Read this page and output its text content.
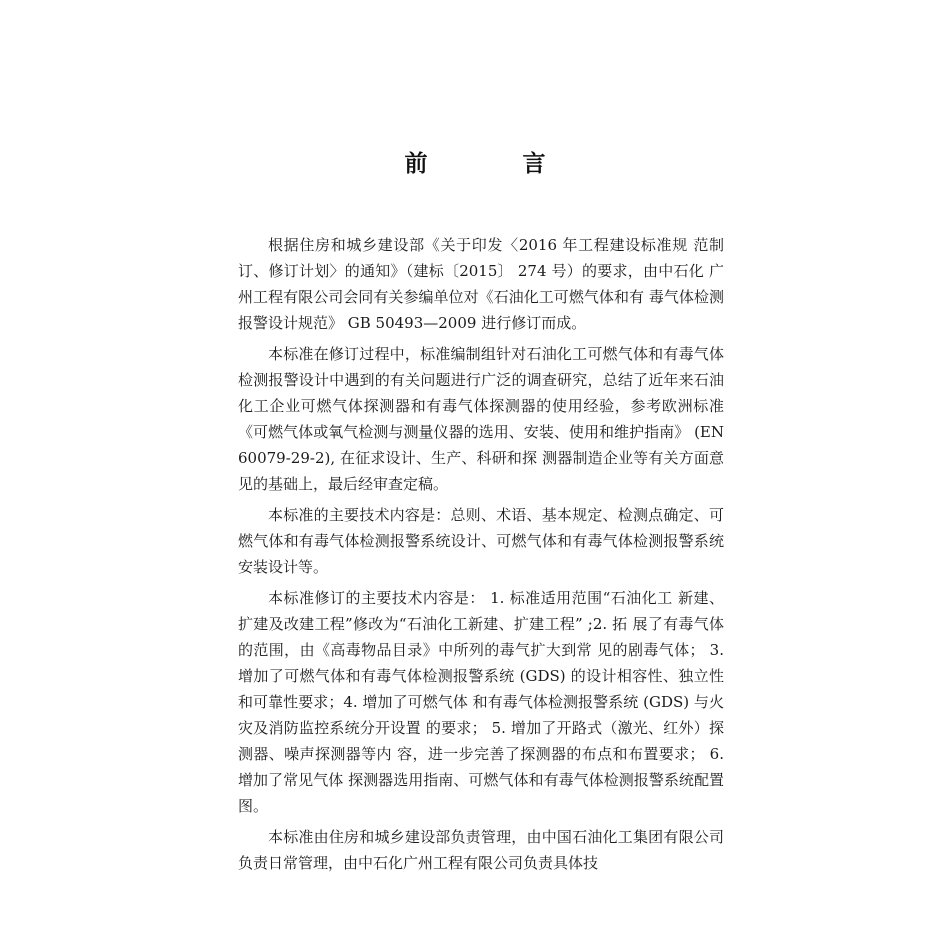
前　言

根据住房和城乡建设部《关于印发〈2016 年工程建设标准规 范制订、修订计划〉的通知》（建标〔2015〕 274 号）的要求，由中石化 广州工程有限公司会同有关参编单位对《石油化工可燃气体和有 毒气体检测报警设计规范》 GB 50493—2009 进行修订而成。

本标准在修订过程中，标准编制组针对石油化工可燃气体和有毒气体检测报警设计中遇到的有关问题进行广泛的调查研究，总结了近年来石油化工企业可燃气体探测器和有毒气体探测器的使用经验，参考欧洲标准《可燃气体或氧气检测与测量仪器的选用、安装、使用和维护指南》 (EN 60079-29-2), 在征求设计、生产、科研和探 测器制造企业等有关方面意见的基础上，最后经审查定稿。

本标准的主要技术内容是：总则、术语、基本规定、检测点确定、可燃气体和有毒气体检测报警系统设计、可燃气体和有毒气体检测报警系统安装设计等。

本标准修订的主要技术内容是： 1. 标准适用范围“石油化工 新建、扩建及改建工程”修改为“石油化工新建、扩建工程” ;2. 拓 展了有毒气体的范围，由《高毒物品目录》中所列的毒气扩大到常 见的剧毒气体； 3. 增加了可燃气体和有毒气体检测报警系统 (GDS) 的设计相容性、独立性和可靠性要求；4. 增加了可燃气体 和有毒气体检测报警系统 (GDS) 与火灾及消防监控系统分开设置 的要求； 5. 增加了开路式（激光、红外）探测器、噪声探测器等内 容，进一步完善了探测器的布点和布置要求； 6. 增加了常见气体 探测器选用指南、可燃气体和有毒气体检测报警系统配置图。

本标准由住房和城乡建设部负责管理，由中国石油化工集团有限公司负责日常管理，由中石化广州工程有限公司负责具体技
